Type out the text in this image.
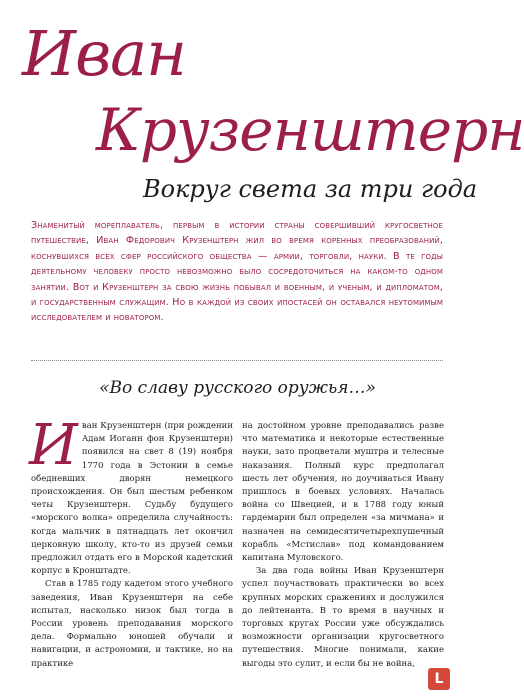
Иван
Крузенштерн
Вокруг света за три года
Знаменитый мореплаватель, первым в истории страны совершивший кругосветное путешествие, Иван Федорович Крузенштерн жил во время коренных преобразований, коснувшихся всех сфер российского общества — армии, торговли, науки. В те годы деятельному человеку просто невозможно было сосредоточиться на каком-то одном занятии. Вот и Крузенштерн за свою жизнь побывал и военным, и ученым, и дипломатом, и государственным служащим. Но в каждой из своих ипостасей он оставался неутомимым исследователем и новатором.
«Во славу русского оружья…»

Иван Крузенштерн (при рождении Адам Иоганн фон Крузенштерн) появился на свет 8 (19) ноября 1770 года в Эстонии в семье обедневших дворян немецкого происхождения. Он был шестым ребенком четы Крузенштерн. Судьбу будущего «морского волка» определила случайность: когда мальчик в пятнадцать лет окончил церковную школу, кто-то из друзей семьи предложил отдать его в Морской кадетский корпус в Кронштадте.

Став в 1785 году кадетом этого учебного заведения, Иван Крузенштерн на себе испытал, насколько низок был тогда в России уровень преподавания морского дела. Формально юношей обучали и навигации, и астрономии, и тактике, но на практике

на достойном уровне преподавались разве что математика и некоторые естественные науки, зато процветали муштра и телесные наказания. Полный курс предполагал шесть лет обучения, но доучиваться Ивану пришлось в боевых условиях. Началась война со Швецией, и в 1788 году юный гардемарин был определен «за мичмана» и назначен на семидесятичетырехпушечный корабль «Мстислав» под командованием капитана Муловского.

За два года войны Иван Крузенштерн успел поучаствовать практически во всех крупных морских сражениях и дослужился до лейтенанта. В то время в научных и торговых кругах России уже обсуждались возможности организации кругосветного путешествия. Многие понимали, какие выгоды это сулит, и если бы не война,

L
